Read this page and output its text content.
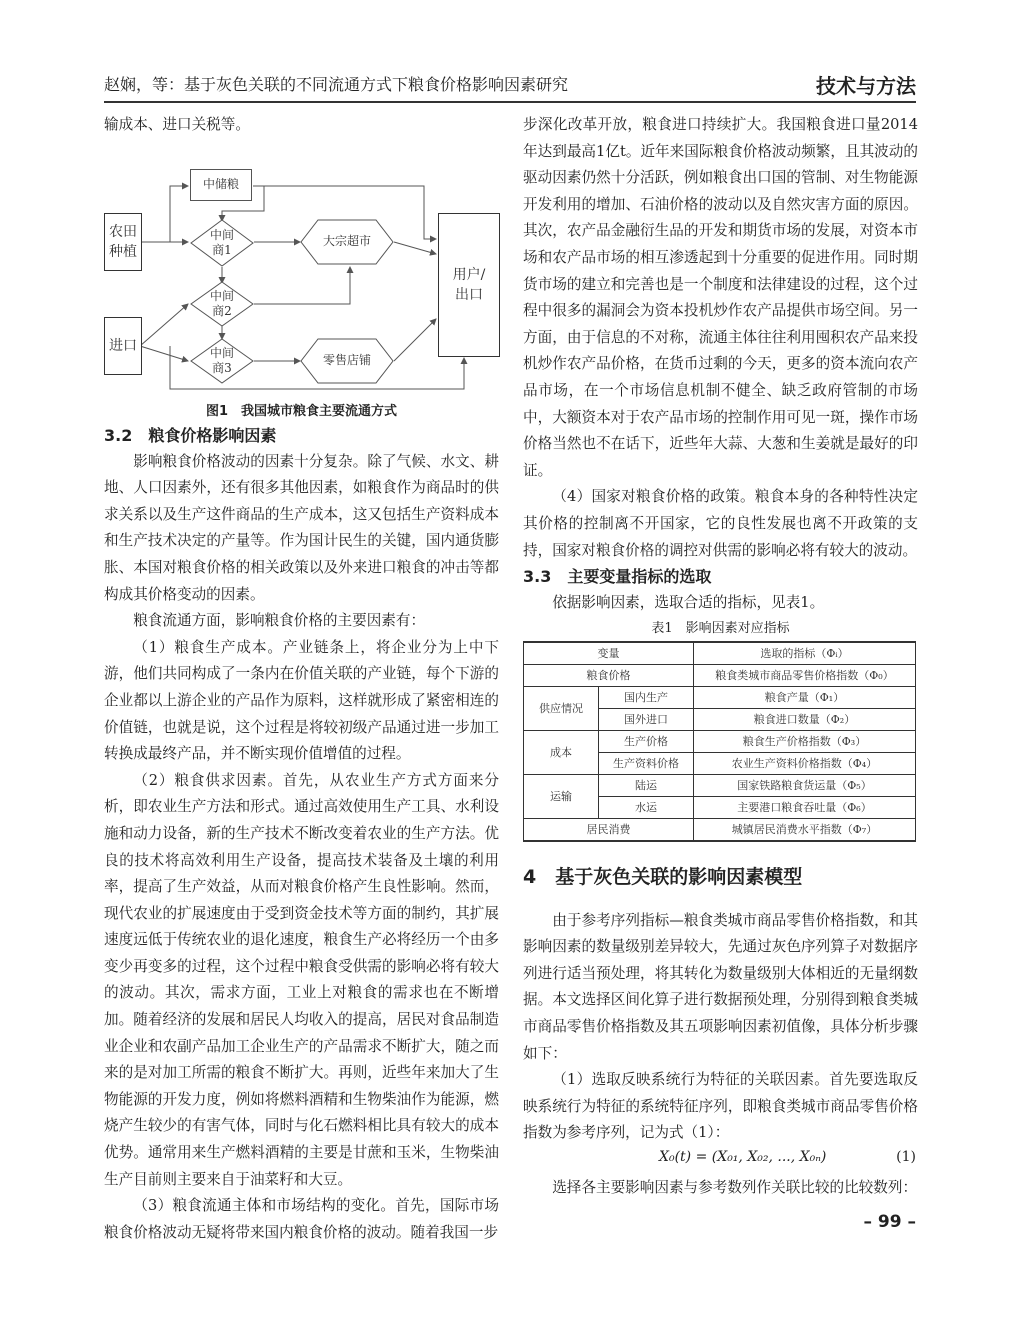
赵娴，等：基于灰色关联的不同流通方式下粮食价格影响因素研究	技术与方法

输成本、进口关税等。

农田种植
进口
中储粮
中间商1
中间商2
中间商3
大宗超市
零售店铺
用户/出口
图1　我国城市粮食主要流通方式
3.2　粮食价格影响因素

影响粮食价格波动的因素十分复杂。除了气候、水文、耕地、人口因素外，还有很多其他因素，如粮食作为商品时的供求关系以及生产这件商品的生产成本，这又包括生产资料成本和生产技术决定的产量等。作为国计民生的关键，国内通货膨胀、本国对粮食价格的相关政策以及外来进口粮食的冲击等都构成其价格变动的因素。

粮食流通方面，影响粮食价格的主要因素有：

（1）粮食生产成本。产业链条上，将企业分为上中下游，他们共同构成了一条内在价值关联的产业链，每个下游的企业都以上游企业的产品作为原料，这样就形成了紧密相连的价值链，也就是说，这个过程是将较初级产品通过进一步加工转换成最终产品，并不断实现价值增值的过程。

（2）粮食供求因素。首先，从农业生产方式方面来分析，即农业生产方法和形式。通过高效使用生产工具、水利设施和动力设备，新的生产技术不断改变着农业的生产方法。优良的技术将高效利用生产设备，提高技术装备及土壤的利用率，提高了生产效益，从而对粮食价格产生良性影响。然而，现代农业的扩展速度由于受到资金技术等方面的制约，其扩展速度远低于传统农业的退化速度，粮食生产必将经历一个由多变少再变多的过程，这个过程中粮食受供需的影响必将有较大的波动。其次，需求方面，工业上对粮食的需求也在不断增加。随着经济的发展和居民人均收入的提高，居民对食品制造业企业和农副产品加工企业生产的产品需求不断扩大，随之而来的是对加工所需的粮食不断扩大。再则，近些年来加大了生物能源的开发力度，例如将燃料酒精和生物柴油作为能源，燃烧产生较少的有害气体，同时与化石燃料相比具有较大的成本优势。通常用来生产燃料酒精的主要是甘蔗和玉米，生物柴油生产目前则主要来自于油菜籽和大豆。

（3）粮食流通主体和市场结构的变化。首先，国际市场粮食价格波动无疑将带来国内粮食价格的波动。随着我国一步

步深化改革开放，粮食进口持续扩大。我国粮食进口量2014年达到最高1亿t。近年来国际粮食价格波动频繁，且其波动的驱动因素仍然十分活跃，例如粮食出口国的管制、对生物能源开发利用的增加、石油价格的波动以及自然灾害方面的原因。其次，农产品金融衍生品的开发和期货市场的发展，对资本市场和农产品市场的相互渗透起到十分重要的促进作用。同时期货市场的建立和完善也是一个制度和法律建设的过程，这个过程中很多的漏洞会为资本投机炒作农产品提供市场空间。另一方面，由于信息的不对称，流通主体往往利用囤积农产品来投机炒作农产品价格，在货币过剩的今天，更多的资本流向农产品市场，在一个市场信息机制不健全、缺乏政府管制的市场中，大额资本对于农产品市场的控制作用可见一斑，操作市场价格当然也不在话下，近些年大蒜、大葱和生姜就是最好的印证。

（4）国家对粮食价格的政策。粮食本身的各种特性决定其价格的控制离不开国家，它的良性发展也离不开政策的支持，国家对粮食价格的调控对供需的影响必将有较大的波动。

3.3　主要变量指标的选取

依据影响因素，选取合适的指标，见表1。

表1　影响因素对应指标
变量		选取的指标（Φᵢ）
粮食价格		粮食类城市商品零售价格指数（Φ₀）
供应情况	国内生产	粮食产量（Φ₁）
	国外进口	粮食进口数量（Φ₂）
成本	生产价格	粮食生产价格指数（Φ₃）
	生产资料价格	农业生产资料价格指数（Φ₄）
运输	陆运	国家铁路粮食货运量（Φ₅）
	水运	主要港口粮食吞吐量（Φ₆）
居民消费		城镇居民消费水平指数（Φ₇）
4　基于灰色关联的影响因素模型

由于参考序列指标—粮食类城市商品零售价格指数，和其影响因素的数量级别差异较大，先通过灰色序列算子对数据序列进行适当预处理，将其转化为数量级别大体相近的无量纲数据。本文选择区间化算子进行数据预处理，分别得到粮食类城市商品零售价格指数及其五项影响因素初值像，具体分析步骤如下：

（1）选取反映系统行为特征的关联因素。首先要选取反映系统行为特征的系统特征序列，即粮食类城市商品零售价格指数为参考序列，记为式（1）：

X₀(t) = (X₀₁, X₀₂, ..., X₀ₙ)	(1)

选择各主要影响因素与参考数列作关联比较的比较数列：

– 99 –
